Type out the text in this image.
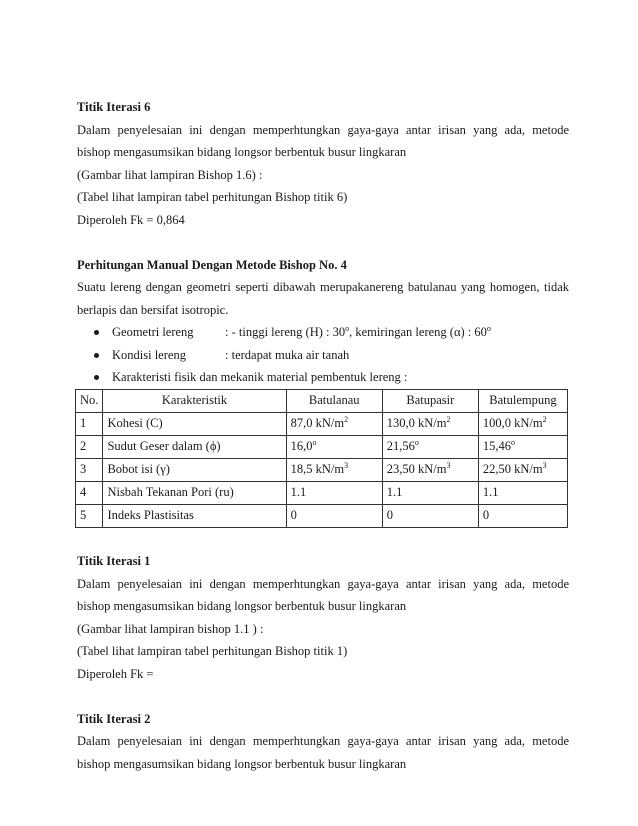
Titik Iterasi 6

Dalam penyelesaian ini dengan memperhtungkan gaya-gaya antar irisan yang ada, metode

bishop mengasumsikan bidang longsor berbentuk busur lingkaran

(Gambar lihat lampiran Bishop 1.6) :

(Tabel lihat lampiran tabel perhitungan Bishop titik 6)

Diperoleh Fk = 0,864

Perhitungan Manual Dengan Metode Bishop No. 4

Suatu lereng dengan geometri seperti dibawah merupakanereng batulanau yang homogen, tidak

berlapis dan bersifat isotropic.

Geometri lereng	: - tinggi lereng (H) : 30$^o$, kemiringan lereng (α) : 60$^o$
Kondisi lereng	: terdapat muka air tanah
Karakteristi fisik dan mekanik material pembentuk lereng :
No.	Karakteristik	Batulanau	Batupasir	Batulempung
1	Kohesi (C)	87,0 $kN/m^2$	130,0 $kN/m^2$	100,0 $kN/m^2$
2	Sudut Geser dalam (ϕ)	16,0$^o$	21,56$^o$	15,46$^o$
3	Bobot isi (γ)	18,5 $kN/m^3$	23,50 $kN/m^3$	22,50 $kN/m^3$
4	Nisbah Tekanan Pori (ru)	1.1	1.1	1.1
5	Indeks Plastisitas	0	0	0

Titik Iterasi 1

Dalam penyelesaian ini dengan memperhtungkan gaya-gaya antar irisan yang ada, metode

bishop mengasumsikan bidang longsor berbentuk busur lingkaran

(Gambar lihat lampiran bishop 1.1 ) :

(Tabel lihat lampiran tabel perhitungan Bishop titik 1)

Diperoleh Fk =

Titik Iterasi 2

Dalam penyelesaian ini dengan memperhtungkan gaya-gaya antar irisan yang ada, metode

bishop mengasumsikan bidang longsor berbentuk busur lingkaran
